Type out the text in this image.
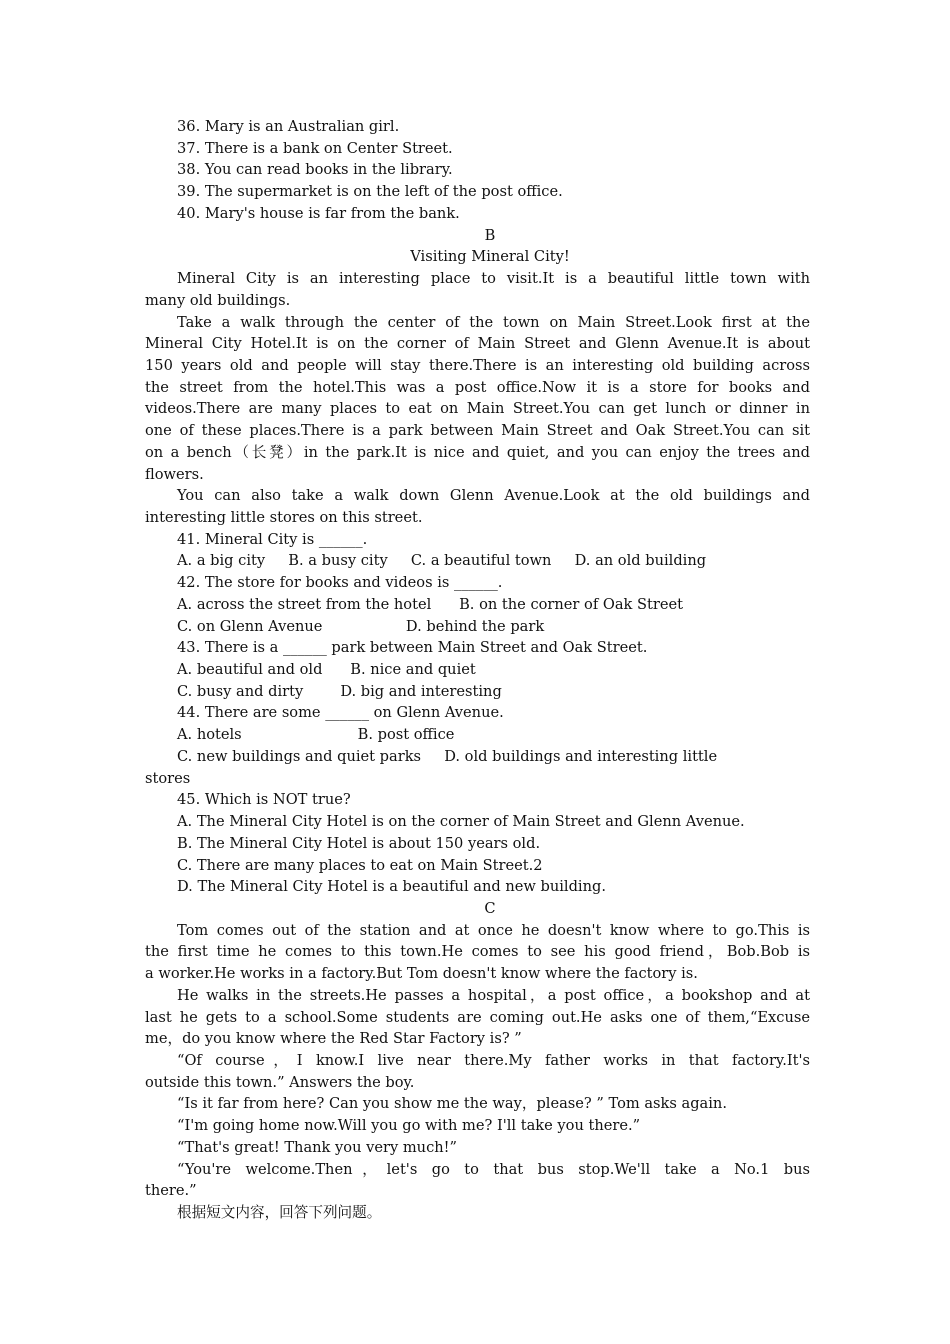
36. Mary is an Australian girl.
37. There is a bank on Center Street.
38. You can read books in the library.
39. The supermarket is on the left of the post office.
40. Mary's house is far from the bank.
B
Visiting Mineral City!
Mineral City is an interesting place to visit.It is a beautiful little town with
many old buildings.
Take a walk through the center of the town on Main Street.Look first at the
Mineral City Hotel.It is on the corner of Main Street and Glenn Avenue.It is about
150 years old and people will stay there.There is an interesting old building across
the street from the hotel.This was a post office.Now it is a store for books and
videos.There are many places to eat on Main Street.You can get lunch or dinner in
one of these places.There is a park between Main Street and Oak Street.You can sit
on a bench（长凳）in the park.It is nice and quiet, and you can enjoy the trees and
flowers.
You can also take a walk down Glenn Avenue.Look at the old buildings and
interesting little stores on this street.
41. Mineral City is ______.
A. a big city     B. a busy city     C. a beautiful town     D. an old building
42. The store for books and videos is ______.
A. across the street from the hotel      B. on the corner of Oak Street
C. on Glenn Avenue                  D. behind the park
43. There is a ______ park between Main Street and Oak Street.
A. beautiful and old      B. nice and quiet
C. busy and dirty        D. big and interesting
44. There are some ______ on Glenn Avenue.
A. hotels                         B. post office
C. new buildings and quiet parks     D. old buildings and interesting little
stores
45. Which is NOT true?
A. The Mineral City Hotel is on the corner of Main Street and Glenn Avenue.
B. The Mineral City Hotel is about 150 years old.
C. There are many places to eat on Main Street.2
D. The Mineral City Hotel is a beautiful and new building.
C
Tom comes out of the station and at once he doesn't know where to go.This is
the first time he comes to this town.He comes to see his good friend，Bob.Bob is
a worker.He works in a factory.But Tom doesn't know where the factory is.
He walks in the streets.He passes a hospital，a post office，a bookshop and at
last he gets to a school.Some students are coming out.He asks one of them,“Excuse
me，do you know where the Red Star Factory is? ”
“Of course，I know.I live near there.My father works in that factory.It's
outside this town.” Answers the boy.
“Is it far from here? Can you show me the way，please? ” Tom asks again.
“I'm going home now.Will you go with me? I'll take you there.”
“That's great! Thank you very much!”
“You're welcome.Then，let's go to that bus stop.We'll take a No.1 bus
there.”
根据短文内容，回答下列问题。
